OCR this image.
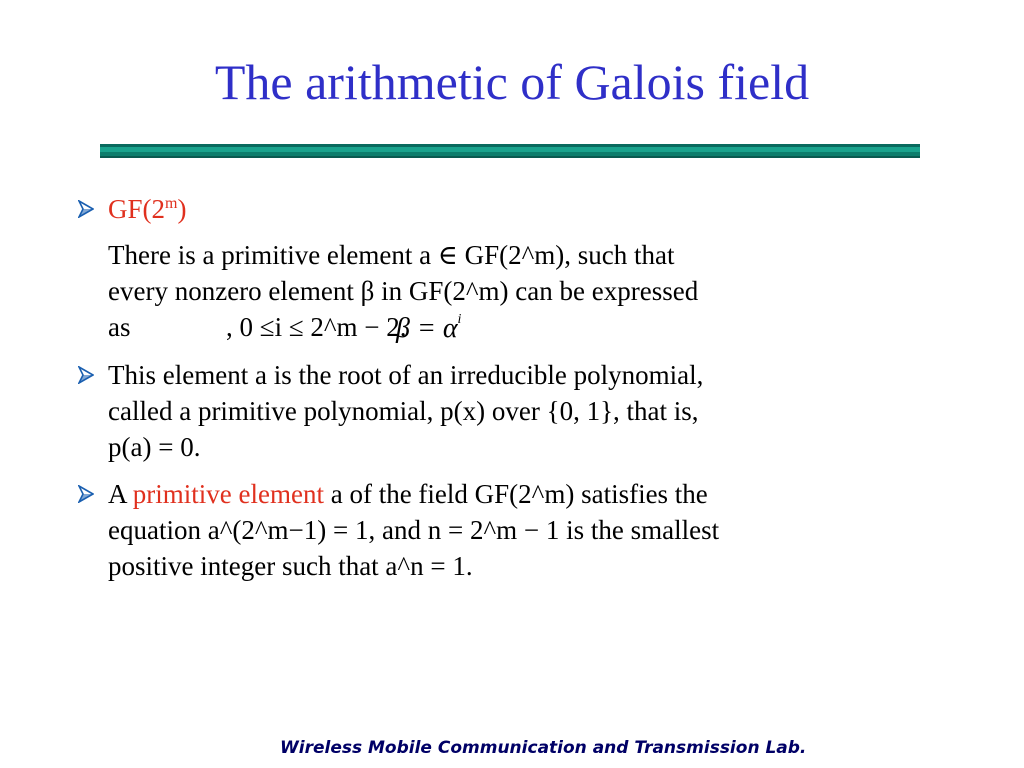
The arithmetic of Galois field
GF(2$^m$)
There is a primitive element a ∈ GF(2^m), such that
every nonzero element β in GF(2^m) can be expressed
as	, 0 ≤i ≤ 2^m − 2.
$\beta = \alpha^i$
This element a is the root of an irreducible polynomial,
called a primitive polynomial, p(x) over {0, 1}, that is,
p(a) = 0.
A primitive element a of the field GF(2^m) satisfies the
equation a^(2^m−1) = 1, and n = 2^m − 1 is the smallest
positive integer such that a^n = 1.
Wireless Mobile Communication and Transmission Lab.
